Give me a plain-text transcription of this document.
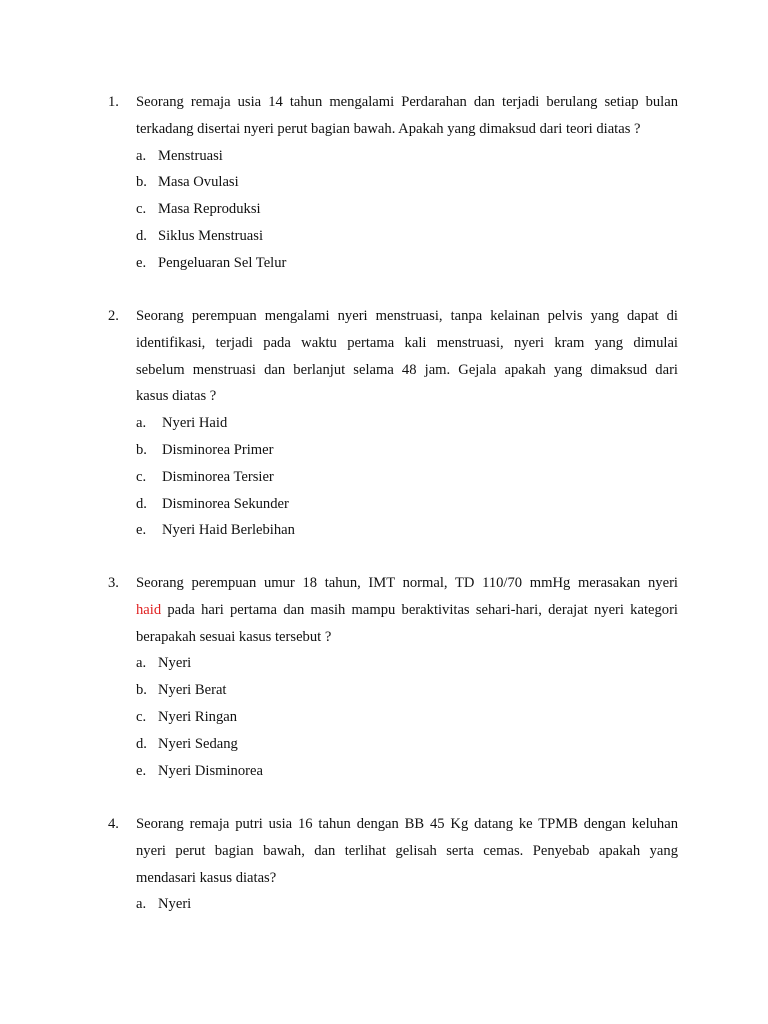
1.	Seorang remaja usia 14 tahun mengalami Perdarahan dan terjadi berulang setiap bulan
terkadang disertai nyeri perut bagian bawah. Apakah yang dimaksud dari teori diatas ?
a. Menstruasi
b. Masa Ovulasi
c. Masa Reproduksi
d. Siklus Menstruasi
e. Pengeluaran Sel Telur
2.	Seorang perempuan mengalami nyeri menstruasi, tanpa kelainan pelvis yang dapat di
identifikasi, terjadi pada waktu pertama kali menstruasi, nyeri kram yang dimulai
sebelum menstruasi dan berlanjut selama 48 jam. Gejala apakah yang dimaksud dari
kasus diatas ?
a.	Nyeri Haid
b.	Disminorea Primer
c.	Disminorea Tersier
d.	Disminorea Sekunder
e.	Nyeri Haid Berlebihan
3.	Seorang perempuan umur 18 tahun, IMT normal, TD 110/70 mmHg merasakan nyeri
haid pada hari pertama dan masih mampu beraktivitas sehari-hari, derajat nyeri kategori
berapakah sesuai kasus tersebut ?
a. Nyeri
b. Nyeri Berat
c. Nyeri Ringan
d. Nyeri Sedang
e. Nyeri Disminorea
4.	Seorang remaja putri usia 16 tahun dengan BB 45 Kg datang ke TPMB dengan keluhan
nyeri perut bagian bawah, dan terlihat gelisah serta cemas. Penyebab apakah yang
mendasari kasus diatas?
a. Nyeri
